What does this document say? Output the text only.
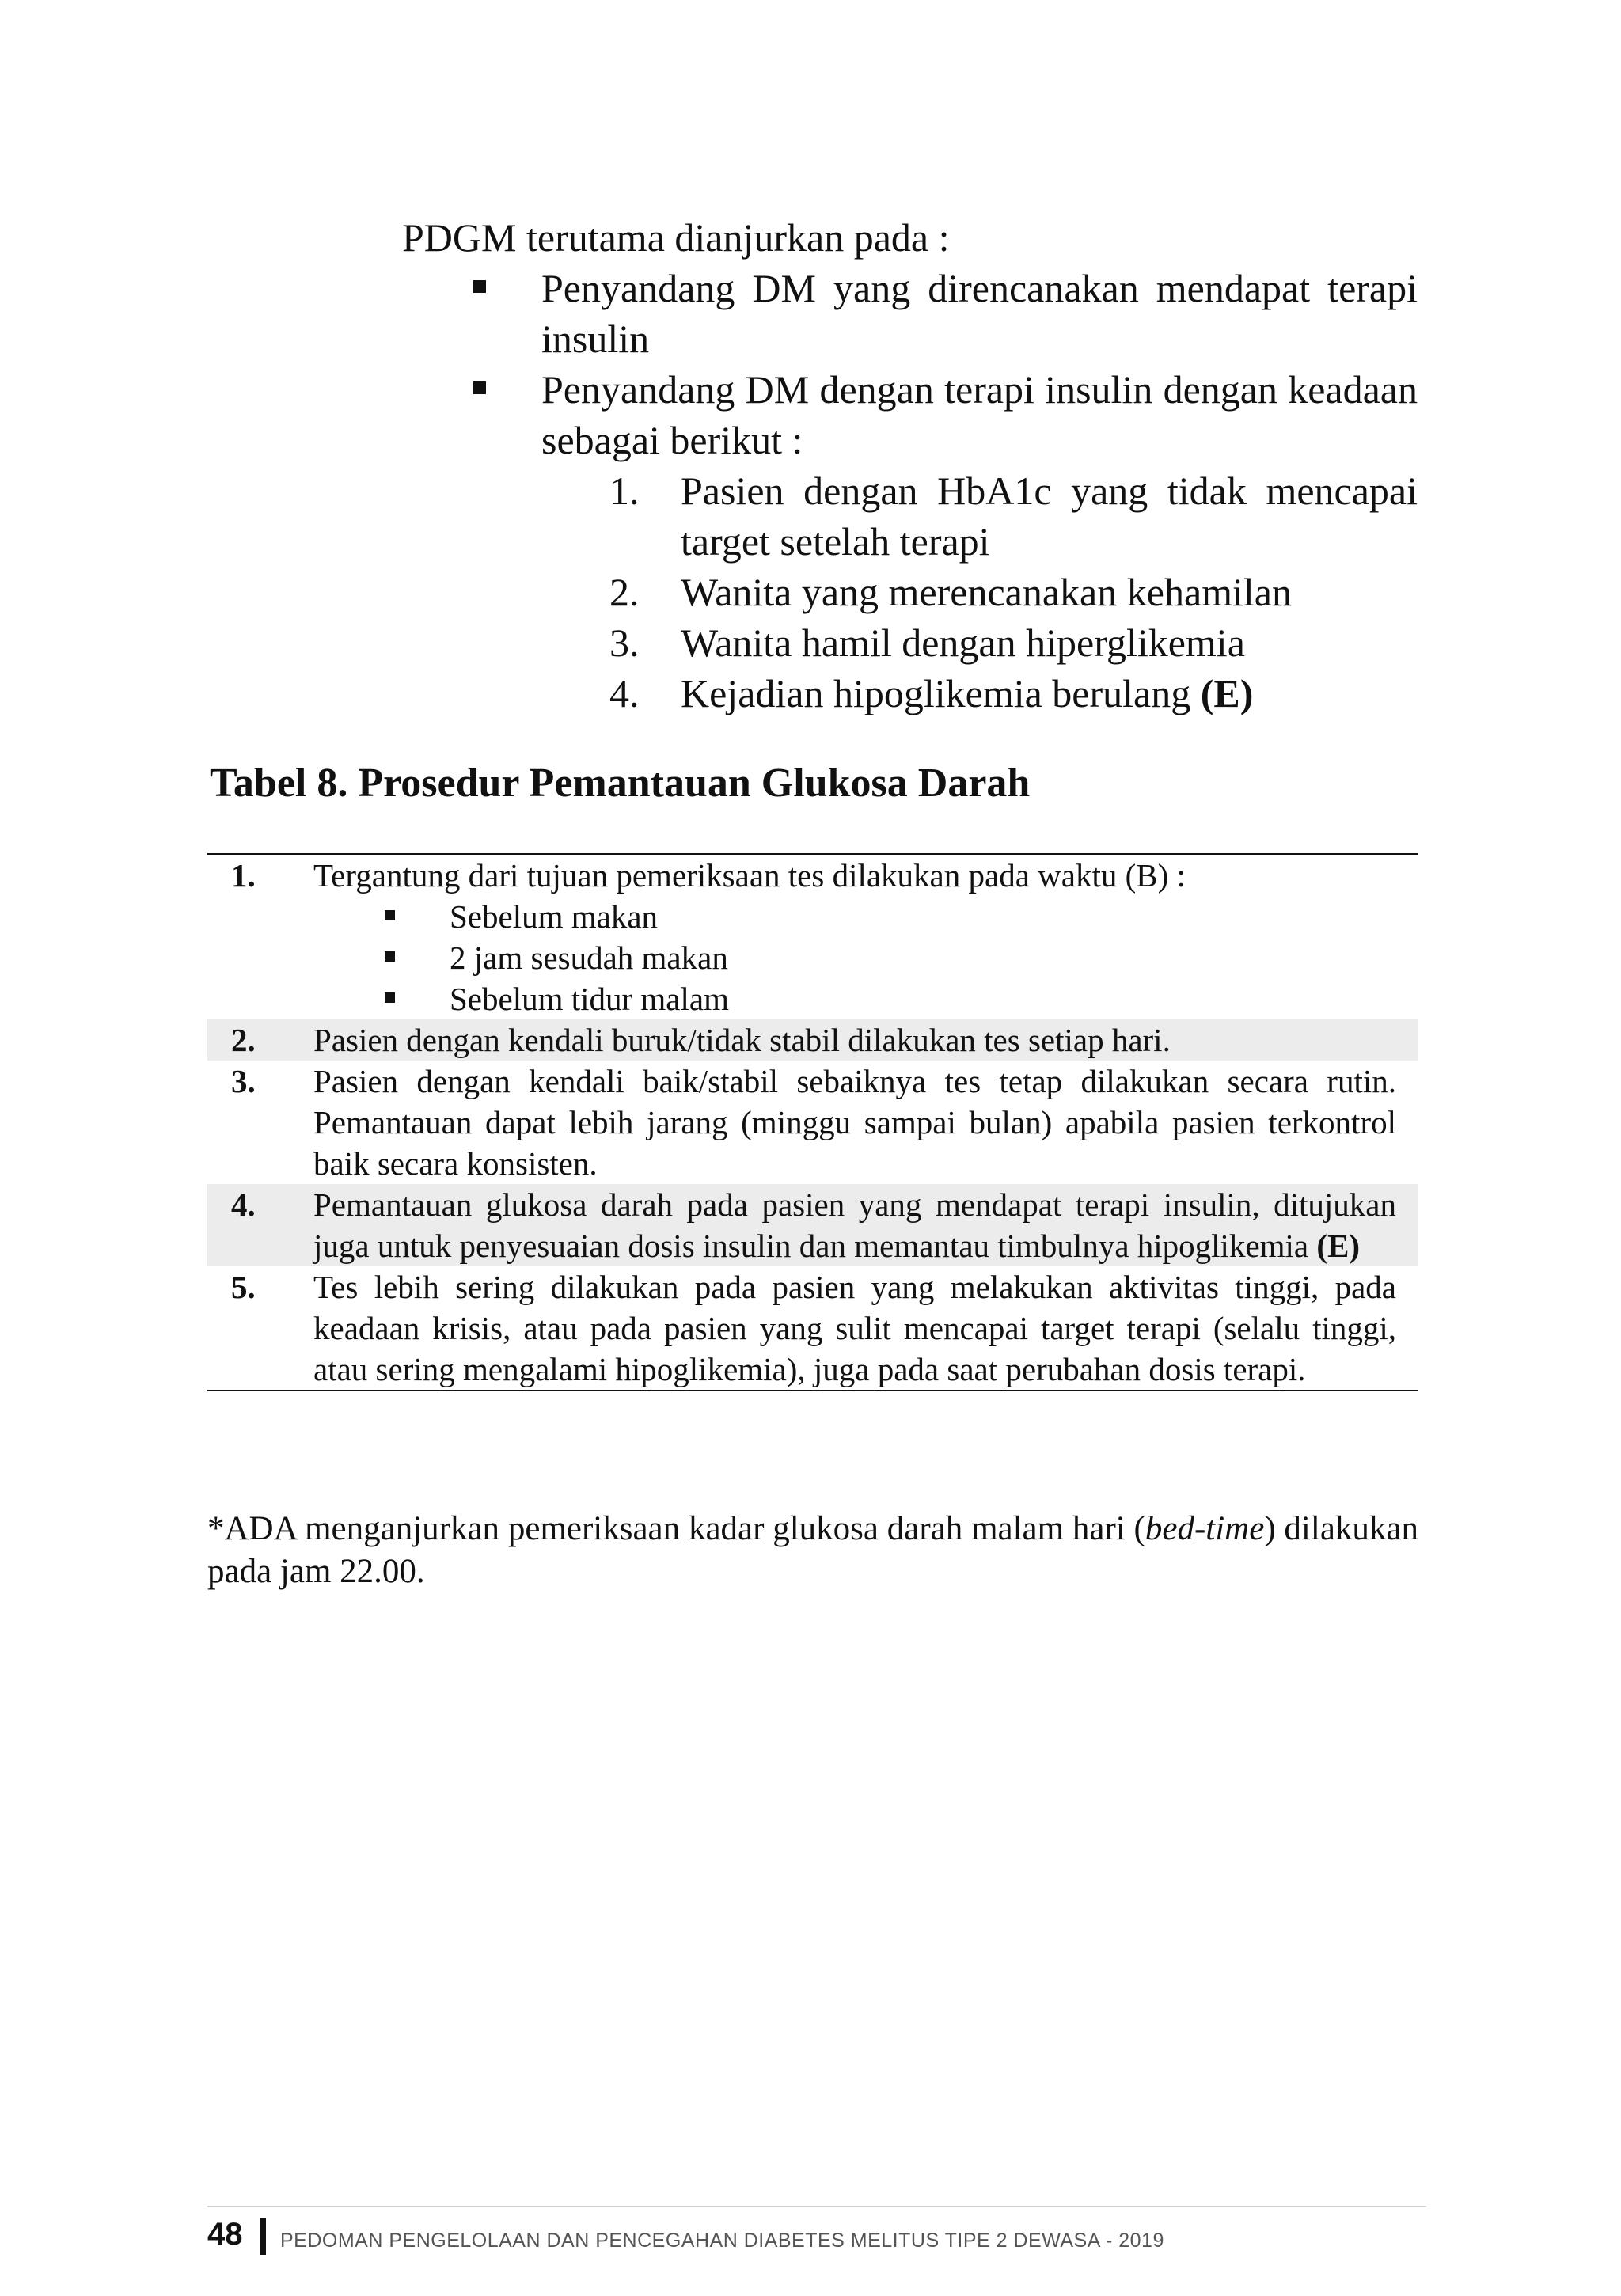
PDGM terutama dianjurkan pada :

Penyandang DM yang direncanakan mendapat terapi insulin

Penyandang DM dengan terapi insulin dengan keadaan sebagai berikut :

1.	Pasien dengan HbA1c yang tidak mencapai target setelah terapi

2.	Wanita yang merencanakan kehamilan

3.	Wanita hamil dengan hiperglikemia

4.	Kejadian hipoglikemia berulang (E)

Tabel 8. Prosedur Pemantauan Glukosa Darah
1.	Tergantung dari tujuan pemeriksaan tes dilakukan pada waktu (B) :
Sebelum makan
2 jam sesudah makan
Sebelum tidur malam
2.	Pasien dengan kendali buruk/tidak stabil dilakukan tes setiap hari.
3.	Pasien dengan kendali baik/stabil sebaiknya tes tetap dilakukan secara rutin. Pemantauan dapat lebih jarang (minggu sampai bulan) apabila pasien terkontrol baik secara konsisten.
4.	Pemantauan glukosa darah pada pasien yang mendapat terapi insulin, ditujukan juga untuk penyesuaian dosis insulin dan memantau timbulnya hipoglikemia (E)
5.	Tes lebih sering dilakukan pada pasien yang melakukan aktivitas tinggi, pada keadaan krisis, atau pada pasien yang sulit mencapai target terapi (selalu tinggi, atau sering mengalami hipoglikemia), juga pada saat perubahan dosis terapi.

*ADA menganjurkan pemeriksaan kadar glukosa darah malam hari (bed-time) dilakukan pada jam 22.00.

48 PEDOMAN PENGELOLAAN DAN PENCEGAHAN DIABETES MELITUS TIPE 2 DEWASA - 2019
